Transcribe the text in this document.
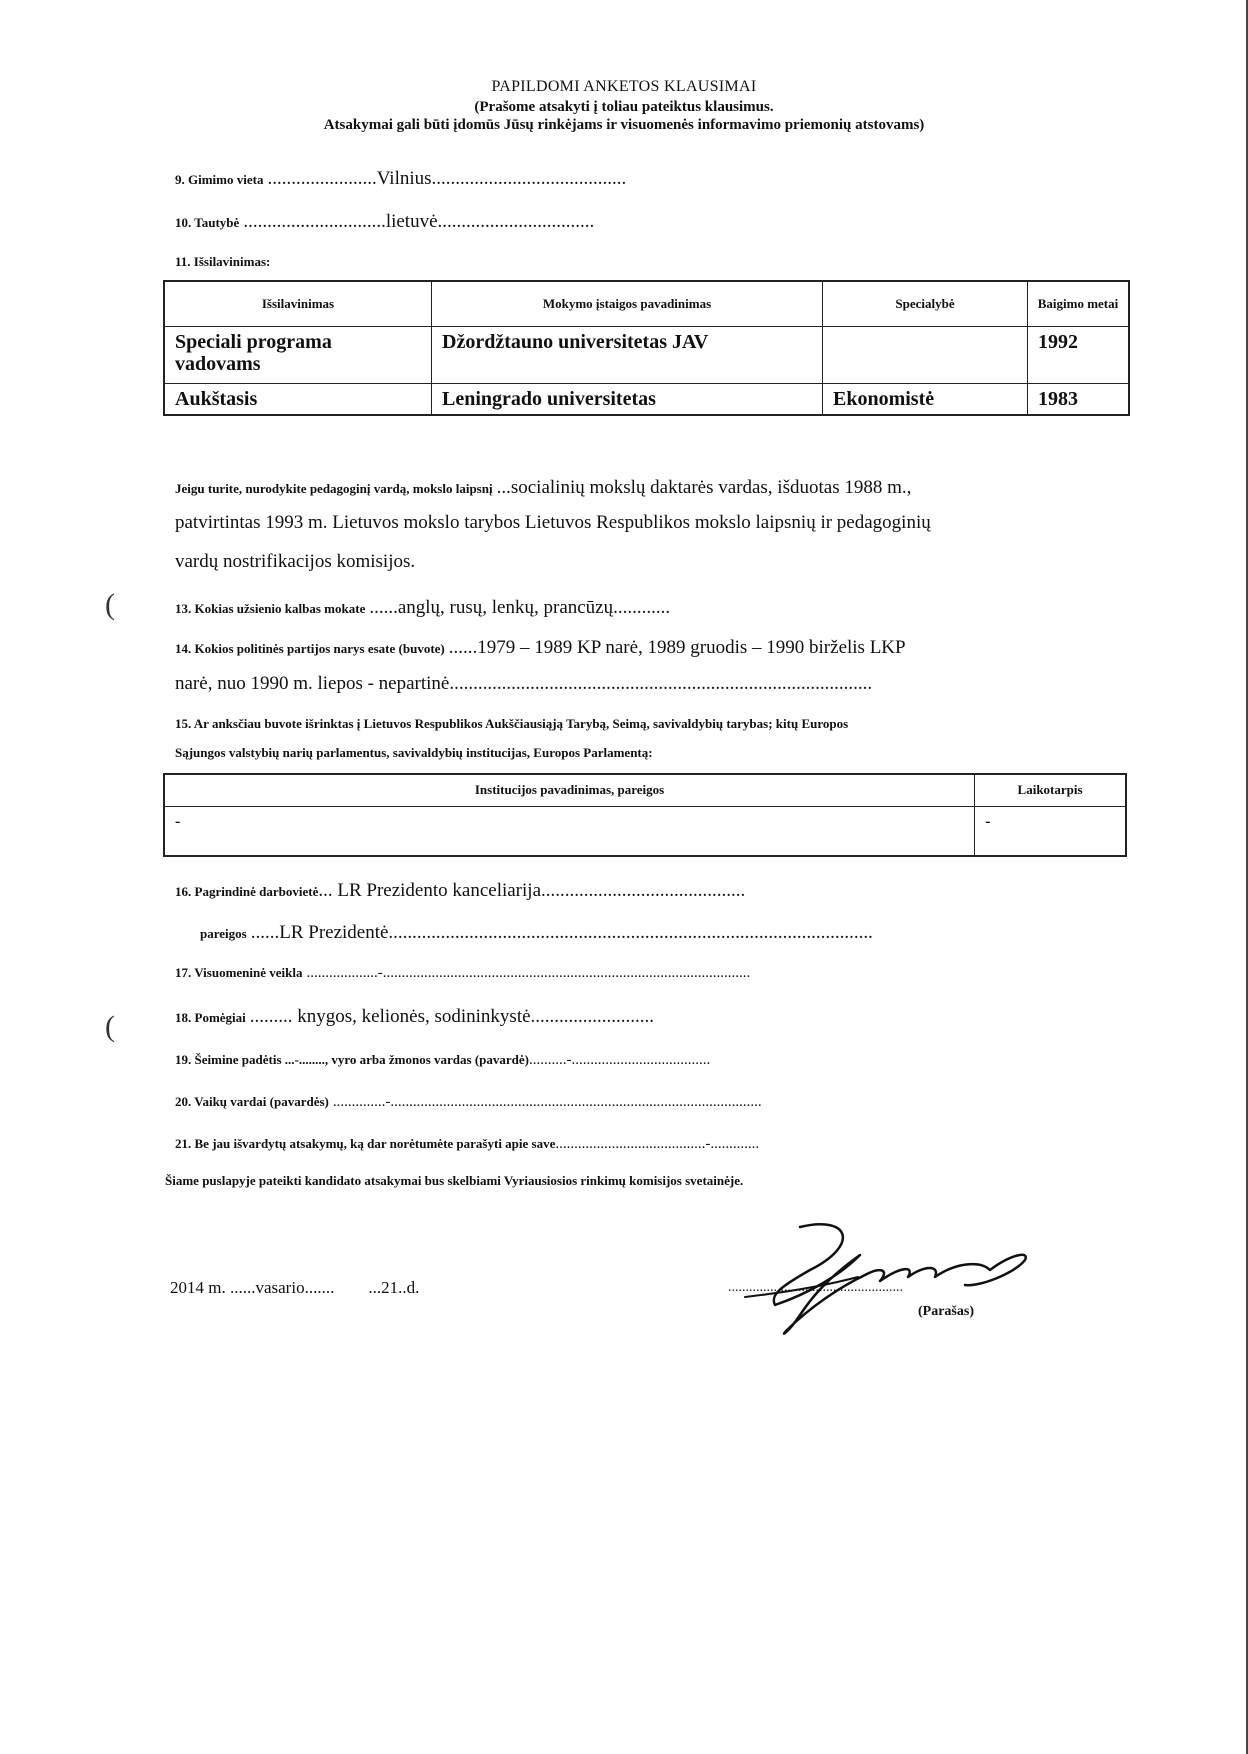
PAPILDOMI ANKETOS KLAUSIMAI
(Prašome atsakyti į toliau pateiktus klausimus.
Atsakymai gali būti įdomūs Jūsų rinkėjams ir visuomenės informavimo priemonių atstovams)
9. Gimimo vieta .......................Vilnius.........................................
10. Tautybė ..............................lietuvė.................................
11. Išsilavinimas:
Išsilavinimas	Mokymo įstaigos pavadinimas	Specialybė	Baigimo metai
Speciali programa vadovams	Džordžtauno universitetas JAV		1992
Aukštasis	Leningrado universitetas	Ekonomistė	1983
Jeigu turite, nurodykite pedagoginį vardą, mokslo laipsnį ...socialinių mokslų daktarės vardas, išduotas 1988 m.,
patvirtintas 1993 m. Lietuvos mokslo tarybos Lietuvos Respublikos mokslo laipsnių ir pedagoginių
vardų nostrifikacijos komisijos.
(	13. Kokias užsienio kalbas mokate ......anglų, rusų, lenkų, prancūzų............
14. Kokios politinės partijos narys esate (buvote) ......1979 – 1989 KP narė, 1989 gruodis – 1990 birželis LKP
narė, nuo 1990 m. liepos - nepartinė.........................................................................................
15. Ar anksčiau buvote išrinktas į Lietuvos Respublikos Aukščiausiąją Tarybą, Seimą, savivaldybių tarybas; kitų Europos
Sąjungos valstybių narių parlamentus, savivaldybių institucijas, Europos Parlamentą:
Institucijos pavadinimas, pareigos	Laikotarpis
-	-
16. Pagrindinė darbovietė... LR Prezidento kanceliarija...........................................
pareigos ......LR Prezidentė......................................................................................................
17. Visuomeninė veikla ...................-..................................................................................................
(	18. Pomėgiai ......... knygos, kelionės, sodininkystė..........................
19. Šeimine padėtis ...-........, vyro arba žmonos vardas (pavardė)..........-.....................................
20. Vaikų vardai (pavardės) ..............-...................................................................................................
21. Be jau išvardytų atsakymų, ką dar norėtumėte parašyti apie save........................................-.............
Šiame puslapyje pateikti kandidato atsakymai bus skelbiami Vyriausiosios rinkimų komisijos svetainėje.
2014 m. ......vasario.......        ...21..d.	..................................................
(Parašas)
